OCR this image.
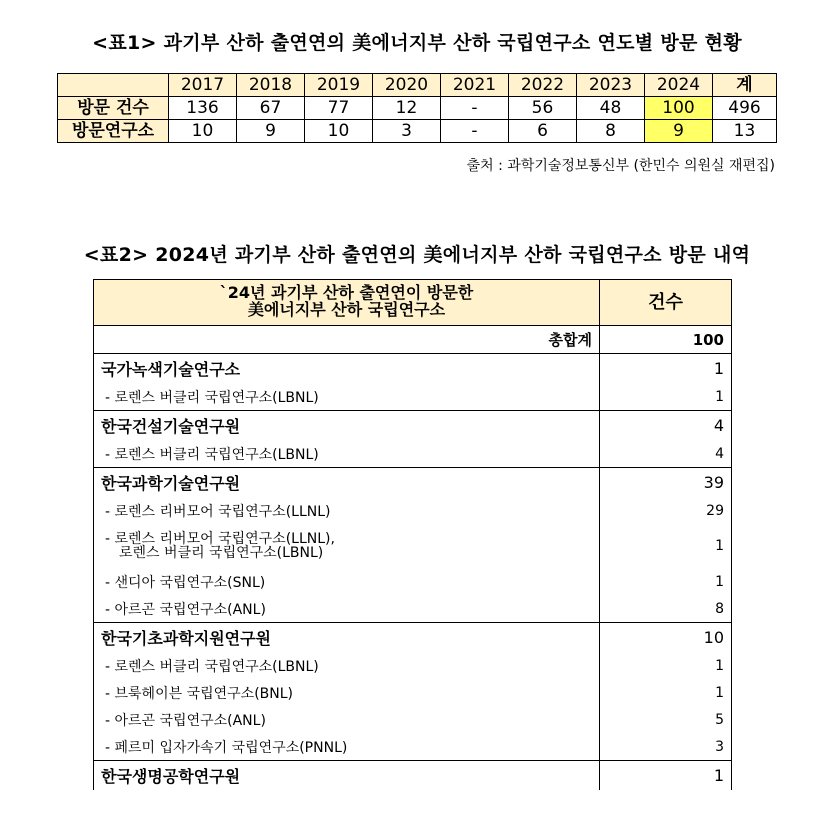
<표1> 과기부 산하 출연연의 美에너지부 산하 국립연구소 연도별 방문 현황
	2017	2018	2019	2020	2021	2022	2023	2024	계
방문 건수	136	67	77	12	-	56	48	100	496
방문연구소	10	9	10	3	-	6	8	9	13
출처 : 과학기술정보통신부 (한민수 의원실 재편집)
<표2> 2024년 과기부 산하 출연연의 美에너지부 산하 국립연구소 방문 내역
`24년 과기부 산하 출연연이 방문한
美에너지부 산하 국립연구소	건수
총합계	100
국가녹색기술연구소	1
- 로렌스 버클리 국립연구소(LBNL)	1
한국건설기술연구원	4
- 로렌스 버클리 국립연구소(LBNL)	4
한국과학기술연구원	39
- 로렌스 리버모어 국립연구소(LLNL)	29

- 로렌스 리버모어 국립연구소(LLNL),
로렌스 버클리 국립연구소(LBNL)	1
- 샌디아 국립연구소(SNL)	1
- 아르곤 국립연구소(ANL)	8
한국기초과학지원연구원	10
- 로렌스 버클리 국립연구소(LBNL)	1
- 브룩헤이븐 국립연구소(BNL)	1
- 아르곤 국립연구소(ANL)	5
- 페르미 입자가속기 국립연구소(PNNL)	3
한국생명공학연구원	1
